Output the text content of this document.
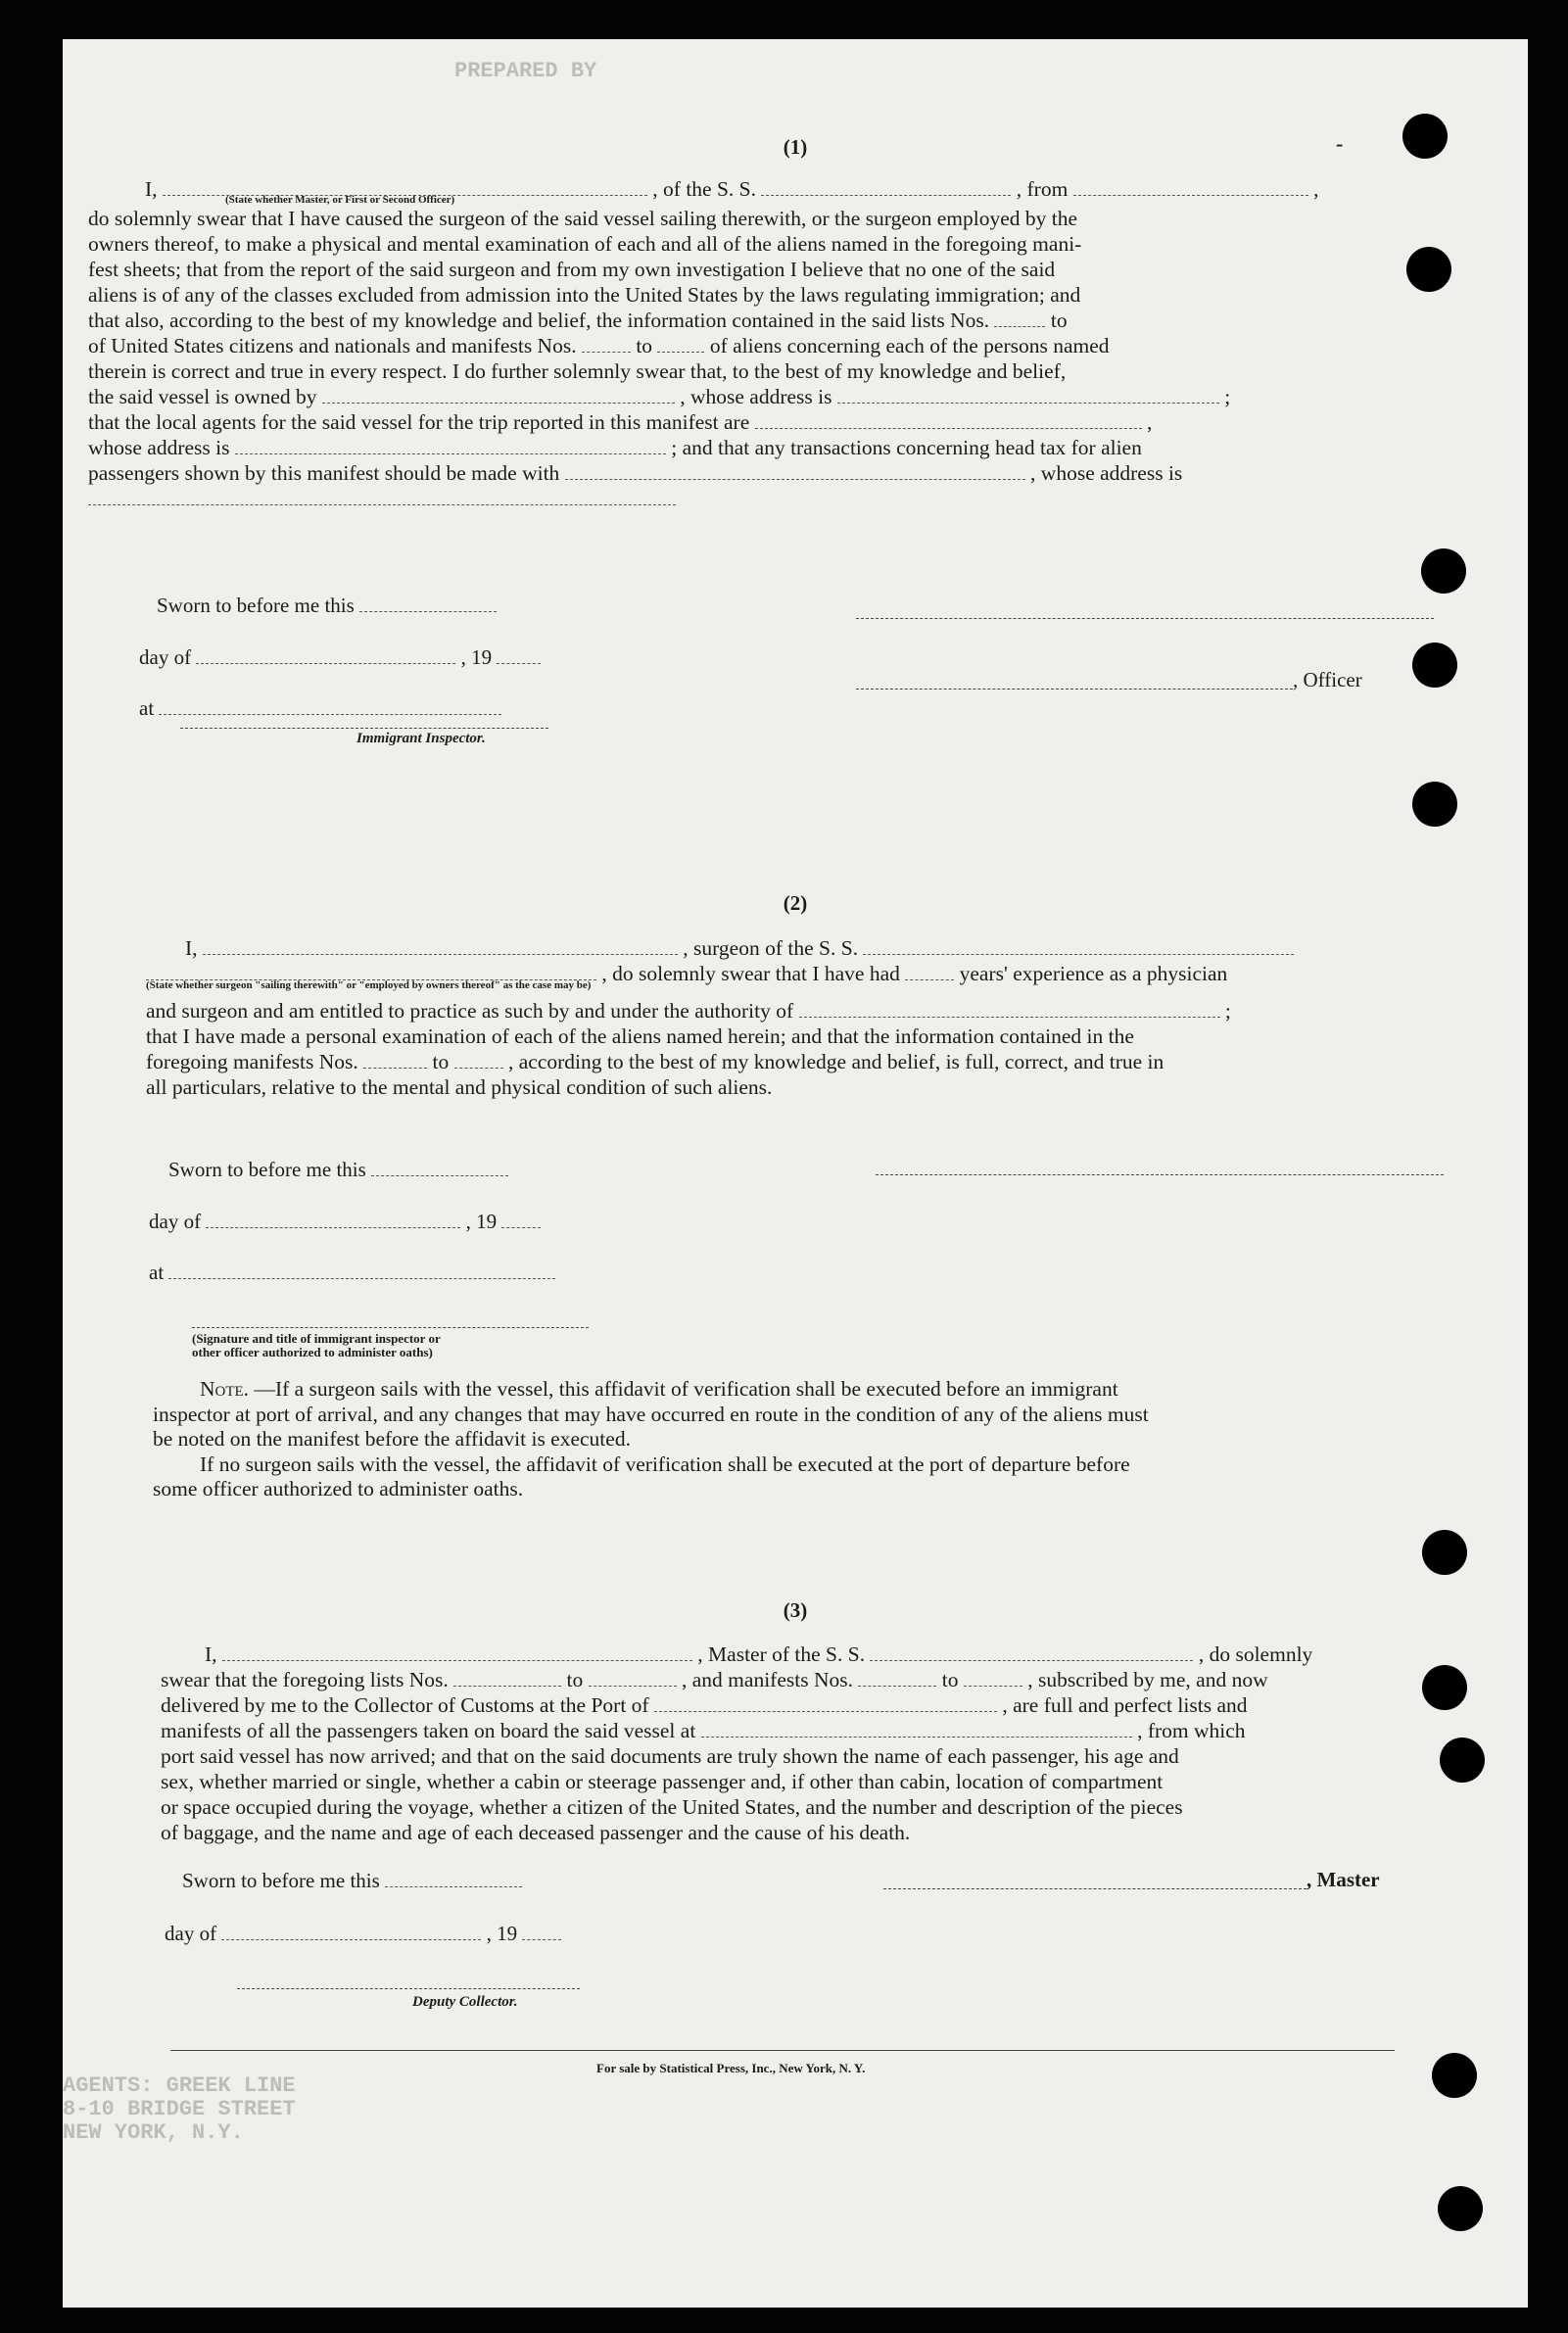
PREPARED BY
(1)	-

I,	, of the S. S.	, from	,

(State whether Master, or First or Second Officer)

do solemnly swear that I have caused the surgeon of the said vessel sailing therewith, or the surgeon employed by the

owners thereof, to make a physical and mental examination of each and all of the aliens named in the foregoing mani-

fest sheets; that from the report of the said surgeon and from my own investigation I believe that no one of the said

aliens is of any of the classes excluded from admission into the United States by the laws regulating immigration; and

that also, according to the best of my knowledge and belief, the information contained in the said lists Nos.	to

of United States citizens and nationals and manifests Nos.	to	of aliens concerning each of the persons named

therein is correct and true in every respect. I do further solemnly swear that, to the best of my knowledge and belief,

the said vessel is owned by	, whose address is	;

that the local agents for the said vessel for the trip reported in this manifest are	,

whose address is	; and that any transactions concerning head tax for alien

passengers shown by this manifest should be made with	, whose address is

Sworn to before me this
day of	, 19
at
Immigrant Inspector.
, Officer
(2)

I,	, surgeon of the S. S.

, do solemnly swear that I have had	years' experience as a physician

(State whether surgeon "sailing therewith" or "employed by owners thereof" as the case may be)

and surgeon and am entitled to practice as such by and under the authority of	;

that I have made a personal examination of each of the aliens named herein; and that the information contained in the

foregoing manifests Nos.	to	, according to the best of my knowledge and belief, is full, correct, and true in

all particulars, relative to the mental and physical condition of such aliens.

Sworn to before me this
day of	, 19
at
(Signature and title of immigrant inspector or
other officer authorized to administer oaths)

Note. —If a surgeon sails with the vessel, this affidavit of verification shall be executed before an immigrant

inspector at port of arrival, and any changes that may have occurred en route in the condition of any of the aliens must

be noted on the manifest before the affidavit is executed.

If no surgeon sails with the vessel, the affidavit of verification shall be executed at the port of departure before

some officer authorized to administer oaths.

(3)

I,	, Master of the S. S.	, do solemnly

swear that the foregoing lists Nos.	to	, and manifests Nos.	to	, subscribed by me, and now

delivered by me to the Collector of Customs at the Port of	, are full and perfect lists and

manifests of all the passengers taken on board the said vessel at	, from which

port said vessel has now arrived; and that on the said documents are truly shown the name of each passenger, his age and

sex, whether married or single, whether a cabin or steerage passenger and, if other than cabin, location of compartment

or space occupied during the voyage, whether a citizen of the United States, and the number and description of the pieces

of baggage, and the name and age of each deceased passenger and the cause of his death.

Sworn to before me this
day of	, 19
Deputy Collector.
, Master
For sale by Statistical Press, Inc., New York, N. Y.
AGENTS: GREEK LINE
8-10 BRIDGE STREET
NEW YORK, N.Y.
